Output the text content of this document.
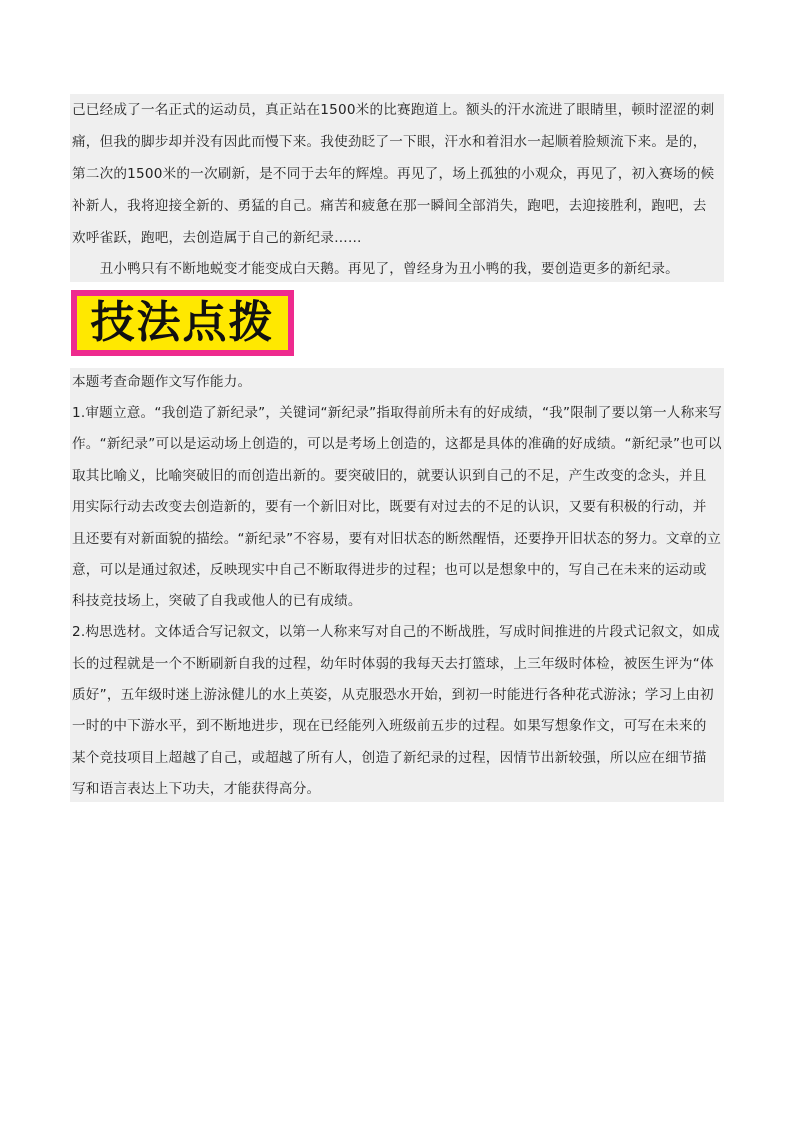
己已经成了一名正式的运动员，真正站在1500米的比赛跑道上。额头的汗水流进了眼睛里，顿时涩涩的刺
痛，但我的脚步却并没有因此而慢下来。我使劲眨了一下眼，汗水和着泪水一起顺着脸颊流下来。是的，
第二次的1500米的一次刷新，是不同于去年的辉煌。再见了，场上孤独的小观众，再见了，初入赛场的候
补新人，我将迎接全新的、勇猛的自己。痛苦和疲惫在那一瞬间全部消失，跑吧，去迎接胜利，跑吧，去
欢呼雀跃，跑吧，去创造属于自己的新纪录……
　　丑小鸭只有不断地蜕变才能变成白天鹅。再见了，曾经身为丑小鸭的我，要创造更多的新纪录。
技法点拨
本题考查命题作文写作能力。
1.审题立意。“我创造了新纪录”，关键词“新纪录”指取得前所未有的好成绩，“我”限制了要以第一人称来写
作。“新纪录”可以是运动场上创造的，可以是考场上创造的，这都是具体的准确的好成绩。“新纪录”也可以
取其比喻义，比喻突破旧的而创造出新的。要突破旧的，就要认识到自己的不足，产生改变的念头，并且
用实际行动去改变去创造新的，要有一个新旧对比，既要有对过去的不足的认识，又要有积极的行动，并
且还要有对新面貌的描绘。“新纪录”不容易，要有对旧状态的断然醒悟，还要挣开旧状态的努力。文章的立
意，可以是通过叙述，反映现实中自己不断取得进步的过程；也可以是想象中的，写自己在未来的运动或
科技竞技场上，突破了自我或他人的已有成绩。
2.构思选材。文体适合写记叙文，以第一人称来写对自己的不断战胜，写成时间推进的片段式记叙文，如成
长的过程就是一个不断刷新自我的过程，幼年时体弱的我每天去打篮球，上三年级时体检，被医生评为“体
质好”，五年级时迷上游泳健儿的水上英姿，从克服恐水开始，到初一时能进行各种花式游泳；学习上由初
一时的中下游水平，到不断地进步，现在已经能列入班级前五步的过程。如果写想象作文，可写在未来的
某个竞技项目上超越了自己，或超越了所有人，创造了新纪录的过程，因情节出新较强，所以应在细节描
写和语言表达上下功夫，才能获得高分。
